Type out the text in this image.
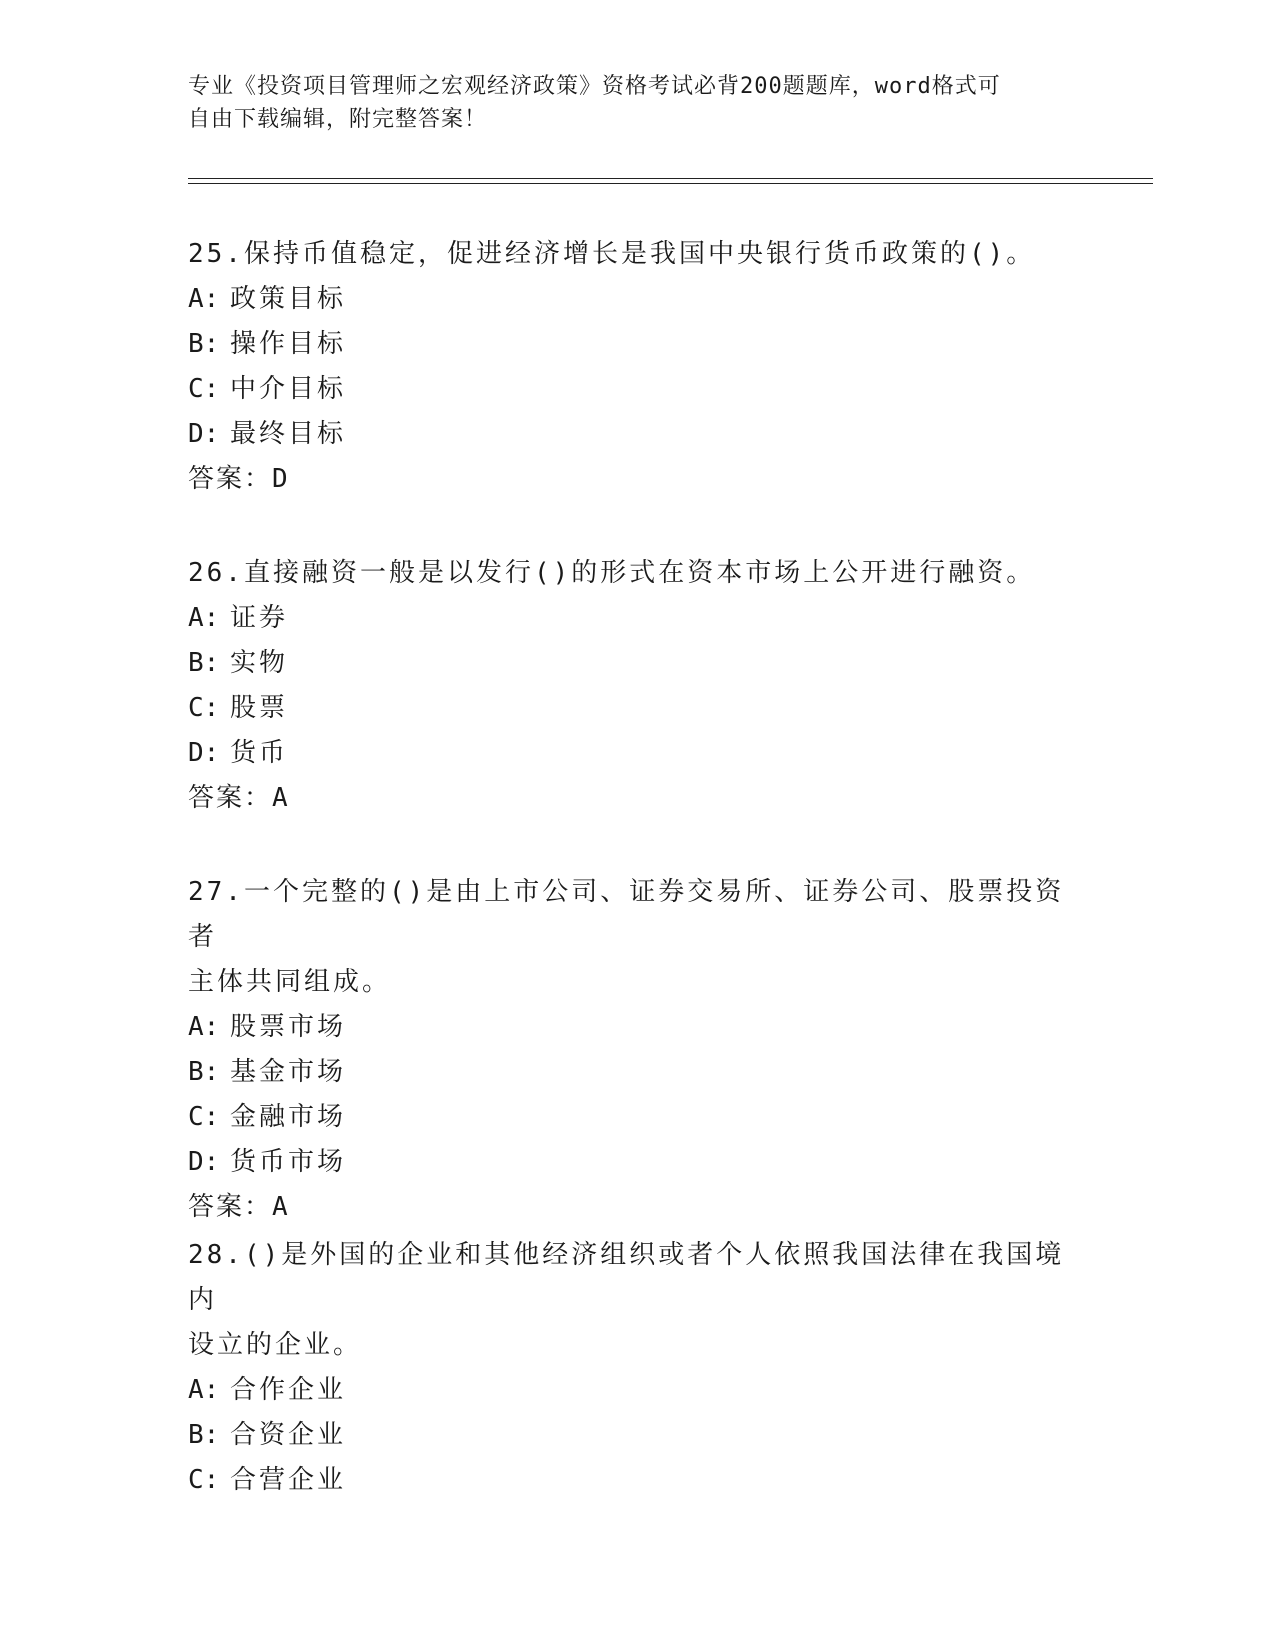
专业《投资项目管理师之宏观经济政策》资格考试必背200题题库，word格式可
自由下载编辑，附完整答案！
25.保持币值稳定，促进经济增长是我国中央银行货币政策的()。
A: 政策目标
B: 操作目标
C: 中介目标
D: 最终目标
答案：D
26.直接融资一般是以发行()的形式在资本市场上公开进行融资。
A: 证券
B: 实物
C: 股票
D: 货币
答案：A
27.一个完整的()是由上市公司、证券交易所、证券公司、股票投资者
主体共同组成。
A: 股票市场
B: 基金市场
C: 金融市场
D: 货币市场
答案：A
28.()是外国的企业和其他经济组织或者个人依照我国法律在我国境内
设立的企业。
A: 合作企业
B: 合资企业
C: 合营企业
